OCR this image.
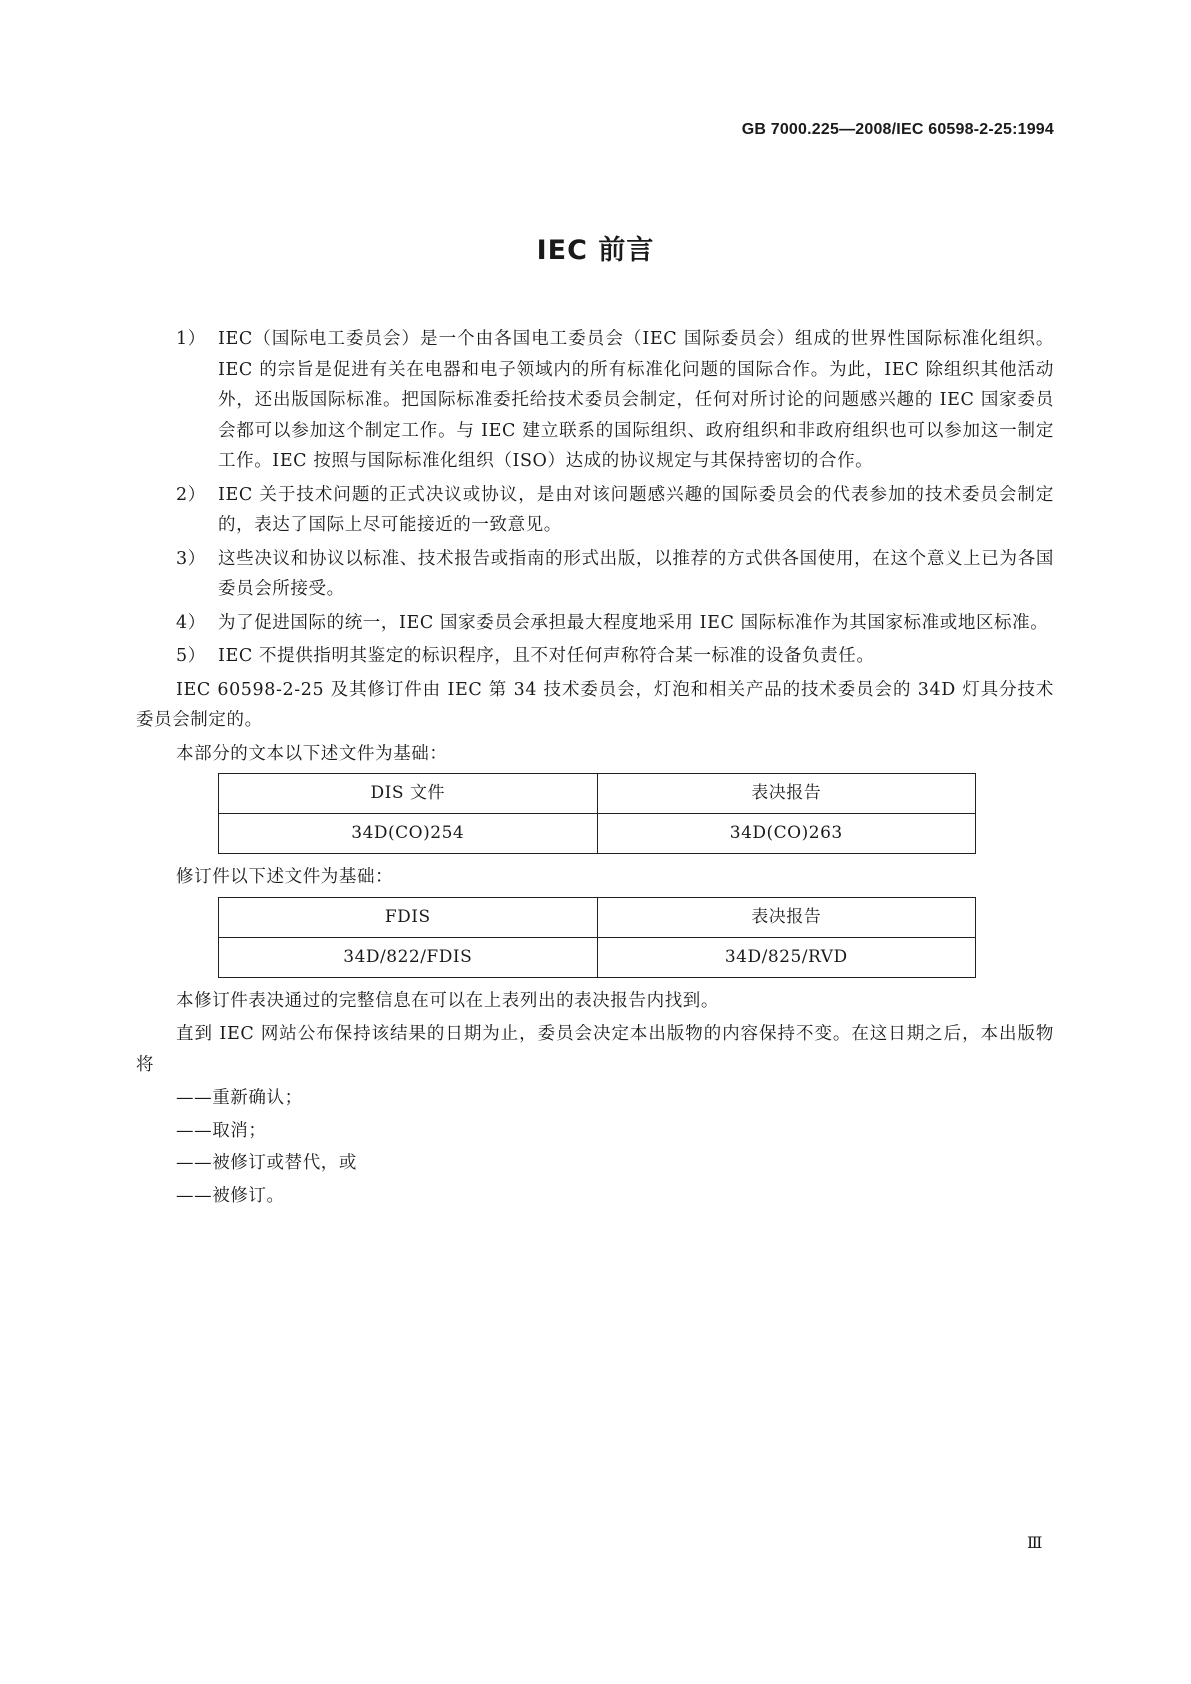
GB 7000.225—2008/IEC 60598-2-25:1994
IEC 前言
1） IEC（国际电工委员会）是一个由各国电工委员会（IEC 国际委员会）组成的世界性国际标准化组织。IEC 的宗旨是促进有关在电器和电子领域内的所有标准化问题的国际合作。为此，IEC 除组织其他活动外，还出版国际标准。把国际标准委托给技术委员会制定，任何对所讨论的问题感兴趣的 IEC 国家委员会都可以参加这个制定工作。与 IEC 建立联系的国际组织、政府组织和非政府组织也可以参加这一制定工作。IEC 按照与国际标准化组织（ISO）达成的协议规定与其保持密切的合作。
2） IEC 关于技术问题的正式决议或协议，是由对该问题感兴趣的国际委员会的代表参加的技术委员会制定的，表达了国际上尽可能接近的一致意见。
3） 这些决议和协议以标准、技术报告或指南的形式出版，以推荐的方式供各国使用，在这个意义上已为各国委员会所接受。
4） 为了促进国际的统一，IEC 国家委员会承担最大程度地采用 IEC 国际标准作为其国家标准或地区标准。
5） IEC 不提供指明其鉴定的标识程序，且不对任何声称符合某一标准的设备负责任。

IEC 60598-2-25 及其修订件由 IEC 第 34 技术委员会，灯泡和相关产品的技术委员会的 34D 灯具分技术委员会制定的。

本部分的文本以下述文件为基础：

DIS 文件	表决报告
34D(CO)254	34D(CO)263

修订件以下述文件为基础：

FDIS	表决报告
34D/822/FDIS	34D/825/RVD

本修订件表决通过的完整信息在可以在上表列出的表决报告内找到。

直到 IEC 网站公布保持该结果的日期为止，委员会决定本出版物的内容保持不变。在这日期之后，本出版物将

——重新确认；

——取消；

——被修订或替代，或

——被修订。

Ⅲ
